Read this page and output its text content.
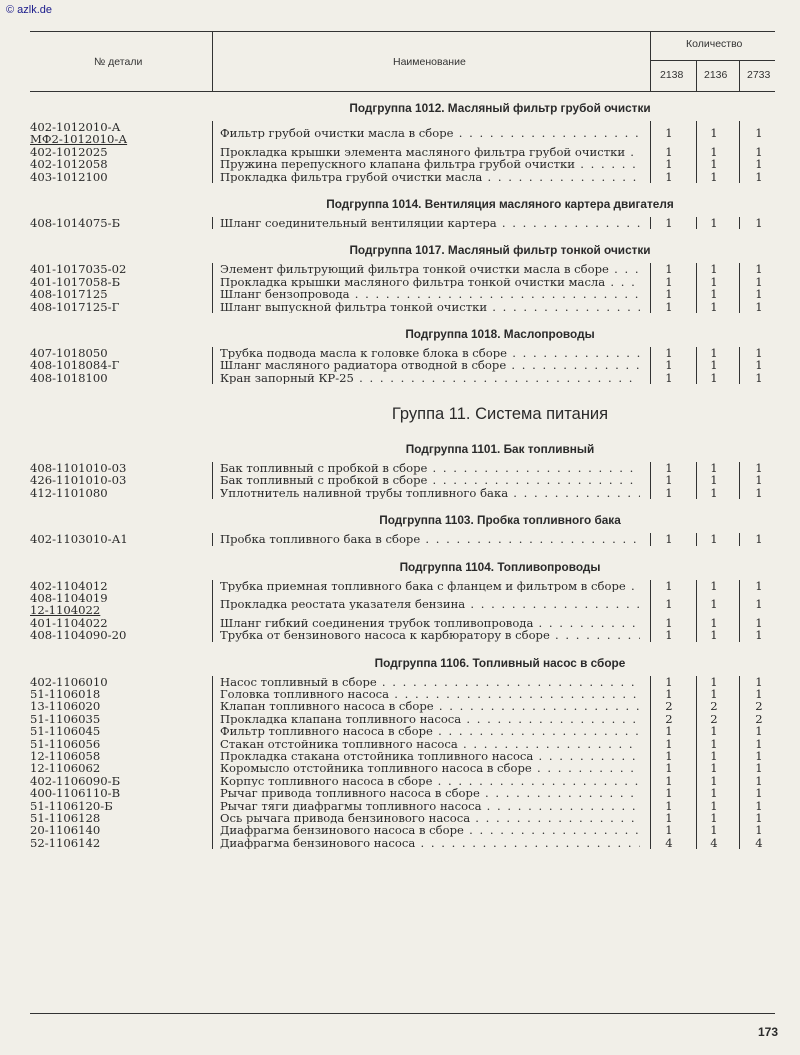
© azlk.de
№ детали	Наименование
Количество
2138 2136 2733
Подгруппа 1012. Масляный фильтр грубой очистки
402-1012010-А
МФ2-1012010-А	Фильтр грубой очистки масла в сборе . . .	1	1	1
402-1012025	Прокладка крышки элемента масляного фильтра грубой очистки . . .	1	1	1
402-1012058	Пружина перепускного клапана фильтра грубой очистки . . .	1	1	1
403-1012100	Прокладка фильтра грубой очистки масла . . .	1	1	1
Подгруппа 1014. Вентиляция масляного картера двигателя
408-1014075-Б	Шланг соединительный вентиляции картера . . .	1	1	1
Подгруппа 1017. Масляный фильтр тонкой очистки
401-1017035-02	Элемент фильтрующий фильтра тонкой очистки масла в сборе . . .	1	1	1
401-1017058-Б	Прокладка крышки масляного фильтра тонкой очистки масла . . .	1	1	1
408-1017125	Шланг бензопровода . . .	1	1	1
408-1017125-Г	Шланг выпускной фильтра тонкой очистки . . .	1	1	1
Подгруппа 1018. Маслопроводы
407-1018050	Трубка подвода масла к головке блока в сборе . . .	1	1	1
408-1018084-Г	Шланг масляного радиатора отводной в сборе . . .	1	1	1
408-1018100	Кран запорный КР-25 . . .	1	1	1
Группа 11. Система питания
Подгруппа 1101. Бак топливный
408-1101010-03	Бак топливный с пробкой в сборе . . .	1	1	1
426-1101010-03	Бак топливный с пробкой в сборе . . .	1	1	1
412-1101080	Уплотнитель наливной трубы топливного бака . . .	1	1	1
Подгруппа 1103. Пробка топливного бака
402-1103010-А1	Пробка топливного бака в сборе . . .	1	1	1
Подгруппа 1104. Топливопроводы
402-1104012	Трубка приемная топливного бака с фланцем и фильтром в сборе . . .	1	1	1
408-1104019
12-1104022	Прокладка реостата указателя бензина . . .	1	1	1
401-1104022	Шланг гибкий соединения трубок топливопровода . . .	1	1	1
408-1104090-20	Трубка от бензинового насоса к карбюратору в сборе . . .	1	1	1
Подгруппа 1106. Топливный насос в сборе
402-1106010	Насос топливный в сборе . . .	1	1	1
51-1106018	Головка топливного насоса . . .	1	1	1
13-1106020	Клапан топливного насоса в сборе . . .	2	2	2
51-1106035	Прокладка клапана топливного насоса . . .	2	2	2
51-1106045	Фильтр топливного насоса в сборе . . .	1	1	1
51-1106056	Стакан отстойника топливного насоса . . .	1	1	1
12-1106058	Прокладка стакана отстойника топливного насоса . . .	1	1	1
12-1106062	Коромысло отстойника топливного насоса в сборе . . .	1	1	1
402-1106090-Б	Корпус топливного насоса в сборе . . .	1	1	1
400-1106110-В	Рычаг привода топливного насоса в сборе . . .	1	1	1
51-1106120-Б	Рычаг тяги диафрагмы топливного насоса . . .	1	1	1
51-1106128	Ось рычага привода бензинового насоса . . .	1	1	1
20-1106140	Диафрагма бензинового насоса в сборе . . .	1	1	1
52-1106142	Диафрагма бензинового насоса . . .	4	4	4
173
